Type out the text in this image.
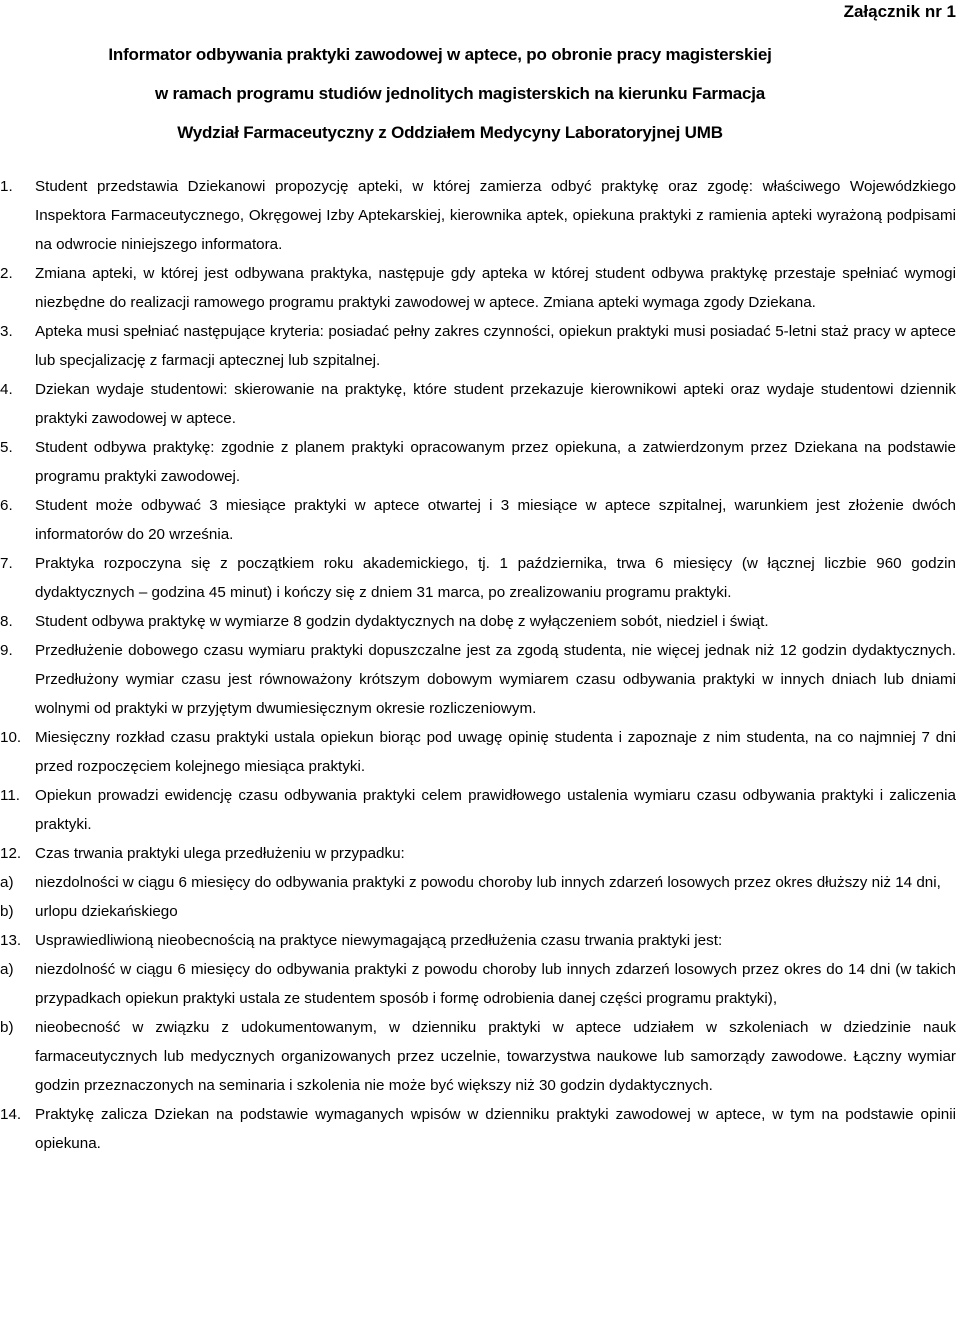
Załącznik nr 1
Informator odbywania praktyki zawodowej w aptece, po obronie pracy magisterskiej
w ramach programu studiów jednolitych magisterskich na kierunku Farmacja
Wydział Farmaceutyczny z Oddziałem Medycyny Laboratoryjnej UMB
1.	Student przedstawia Dziekanowi propozycję apteki, w której zamierza odbyć praktykę oraz zgodę: właściwego Wojewódzkiego Inspektora Farmaceutycznego, Okręgowej Izby Aptekarskiej, kierownika aptek, opiekuna praktyki z ramienia apteki wyrażoną podpisami na odwrocie niniejszego informatora.
2.	Zmiana apteki, w której jest odbywana praktyka, następuje gdy apteka w której student odbywa praktykę przestaje spełniać wymogi niezbędne do realizacji ramowego programu praktyki zawodowej w aptece. Zmiana apteki wymaga zgody Dziekana.
3.	Apteka musi spełniać następujące kryteria: posiadać pełny zakres czynności, opiekun praktyki musi posiadać 5-letni staż pracy w aptece lub specjalizację z farmacji aptecznej lub szpitalnej.
4.	Dziekan wydaje studentowi: skierowanie na praktykę, które student przekazuje kierownikowi apteki oraz wydaje studentowi dziennik praktyki zawodowej w aptece.
5.	Student odbywa praktykę: zgodnie z planem praktyki opracowanym przez opiekuna, a zatwierdzonym przez Dziekana na podstawie programu praktyki zawodowej.
6.	Student może odbywać 3 miesiące praktyki w aptece otwartej i 3 miesiące w aptece szpitalnej, warunkiem jest złożenie dwóch informatorów do 20 września.
7.	Praktyka rozpoczyna się z początkiem roku akademickiego, tj. 1 października, trwa 6 miesięcy (w łącznej liczbie 960 godzin dydaktycznych – godzina 45 minut) i kończy się z dniem 31 marca, po zrealizowaniu programu praktyki.
8.	Student odbywa praktykę w wymiarze 8 godzin dydaktycznych na dobę z wyłączeniem sobót, niedziel i świąt.
9.	Przedłużenie dobowego czasu wymiaru praktyki dopuszczalne jest za zgodą studenta, nie więcej jednak niż 12 godzin dydaktycznych. Przedłużony wymiar czasu jest równoważony krótszym dobowym wymiarem czasu odbywania praktyki w innych dniach lub dniami wolnymi od praktyki w przyjętym dwumiesięcznym okresie rozliczeniowym.
10. Miesięczny rozkład czasu praktyki ustala opiekun biorąc pod uwagę opinię studenta i zapoznaje z nim studenta, na co najmniej 7 dni przed rozpoczęciem kolejnego miesiąca praktyki.
11. Opiekun prowadzi ewidencję czasu odbywania praktyki celem prawidłowego ustalenia wymiaru czasu odbywania praktyki i zaliczenia praktyki.
12. Czas trwania praktyki ulega przedłużeniu w przypadku:
a)	niezdolności w ciągu 6 miesięcy do odbywania praktyki z powodu choroby lub innych zdarzeń losowych przez okres dłuższy niż 14 dni,
b)	urlopu dziekańskiego
13. Usprawiedliwioną nieobecnością na praktyce niewymagającą przedłużenia czasu trwania praktyki jest:
a)	niezdolność w ciągu 6 miesięcy do odbywania praktyki z powodu choroby lub innych zdarzeń losowych przez okres do 14 dni (w takich przypadkach opiekun praktyki ustala ze studentem sposób i formę odrobienia danej części programu praktyki),
b)	nieobecność w związku z udokumentowanym, w dzienniku praktyki w aptece udziałem w szkoleniach w dziedzinie nauk farmaceutycznych lub medycznych organizowanych przez uczelnie, towarzystwa naukowe lub samorządy zawodowe. Łączny wymiar godzin przeznaczonych na seminaria i szkolenia nie może być większy niż 30 godzin dydaktycznych.
14. Praktykę zalicza Dziekan na podstawie wymaganych wpisów w dzienniku praktyki zawodowej w aptece, w tym na podstawie opinii opiekuna.
